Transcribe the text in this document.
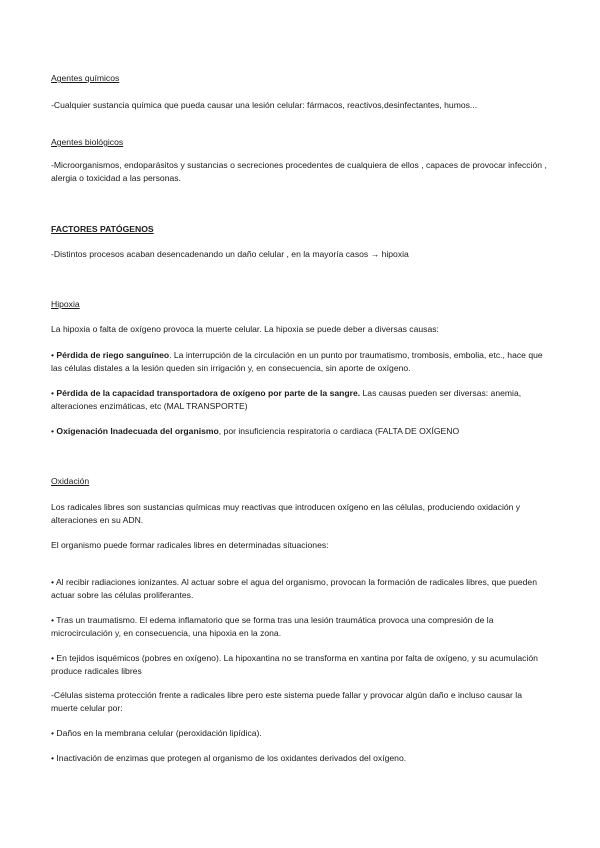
Agentes químicos
-Cualquier sustancia química que pueda causar una lesión celular: fármacos, reactivos,desinfectantes, humos...
Agentes biológicos
-Microorganismos, endoparásitos y sustancias o secreciones procedentes de cualquiera de ellos , capaces de provocar infección , alergia o toxicidad a las personas.
FACTORES PATÓGENOS
-Distintos procesos acaban desencadenando un daño celular , en la mayoría casos → hipoxia
Hipoxia
La hipoxia o falta de oxígeno provoca la muerte celular. La hipoxia se puede deber a diversas causas:
• Pérdida de riego sanguíneo. La interrupción de la circulación en un punto por traumatismo, trombosis, embolia, etc., hace que las células distales a la lesión queden sin irrigación y, en consecuencia, sin aporte de oxígeno.
• Pérdida de la capacidad transportadora de oxígeno por parte de la sangre. Las causas pueden ser diversas: anemia, alteraciones enzimáticas, etc (MAL TRANSPORTE)
• Oxigenación Inadecuada del organismo, por insuficiencia respiratoria o cardiaca (FALTA DE OXÍGENO
Oxidación
Los radicales libres son sustancias químicas muy reactivas que introducen oxígeno en las células, produciendo oxidación y alteraciones en su ADN.
El organismo puede formar radicales libres en determinadas situaciones:
• Al recibir radiaciones ionizantes. Al actuar sobre el agua del organismo, provocan la formación de radicales libres, que pueden actuar sobre las células proliferantes.
• Tras un traumatismo. El edema inflamatorio que se forma tras una lesión traumática provoca una compresión de la microcirculación y, en consecuencia, una hipoxia en la zona.
• En tejidos isquémicos (pobres en oxígeno). La hipoxantina no se transforma en xantina por falta de oxígeno, y su acumulación produce radicales libres
-Células sistema protección frente a radicales libre pero este sistema puede fallar y provocar algún daño e incluso causar la muerte celular por:
• Daños en la membrana celular (peroxidación lipídica).
• Inactivación de enzimas que protegen al organismo de los oxidantes derivados del oxígeno.
